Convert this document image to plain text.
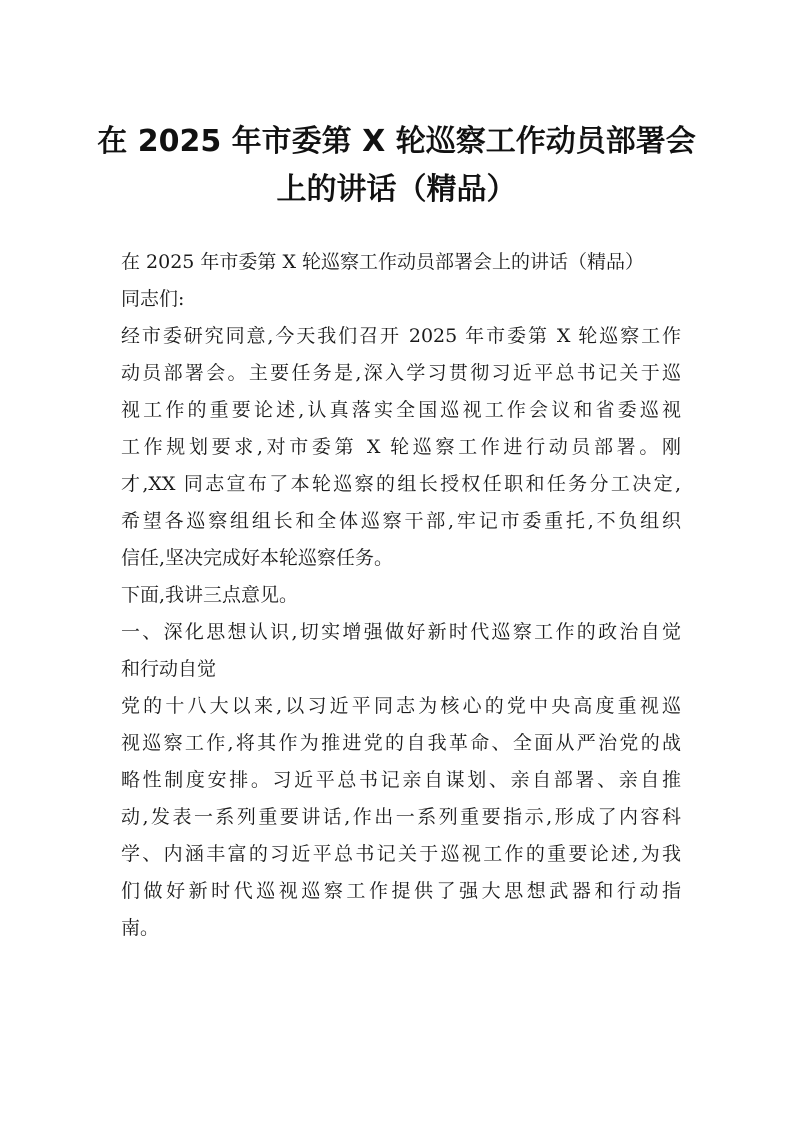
在 2025 年市委第 X 轮巡察工作动员部署会
上的讲话（精品）
在 2025 年市委第 X 轮巡察工作动员部署会上的讲话（精品）
同志们:
经市委研究同意,今天我们召开 2025 年市委第 X 轮巡察工作
动员部署会。主要任务是,深入学习贯彻习近平总书记关于巡
视工作的重要论述,认真落实全国巡视工作会议和省委巡视
工作规划要求,对市委第 X 轮巡察工作进行动员部署。刚
才,XX 同志宣布了本轮巡察的组长授权任职和任务分工决定,
希望各巡察组组长和全体巡察干部,牢记市委重托,不负组织
信任,坚决完成好本轮巡察任务。
下面,我讲三点意见。
一、深化思想认识,切实增强做好新时代巡察工作的政治自觉
和行动自觉
党的十八大以来,以习近平同志为核心的党中央高度重视巡
视巡察工作,将其作为推进党的自我革命、全面从严治党的战
略性制度安排。习近平总书记亲自谋划、亲自部署、亲自推
动,发表一系列重要讲话,作出一系列重要指示,形成了内容科
学、内涵丰富的习近平总书记关于巡视工作的重要论述,为我
们做好新时代巡视巡察工作提供了强大思想武器和行动指
南。
